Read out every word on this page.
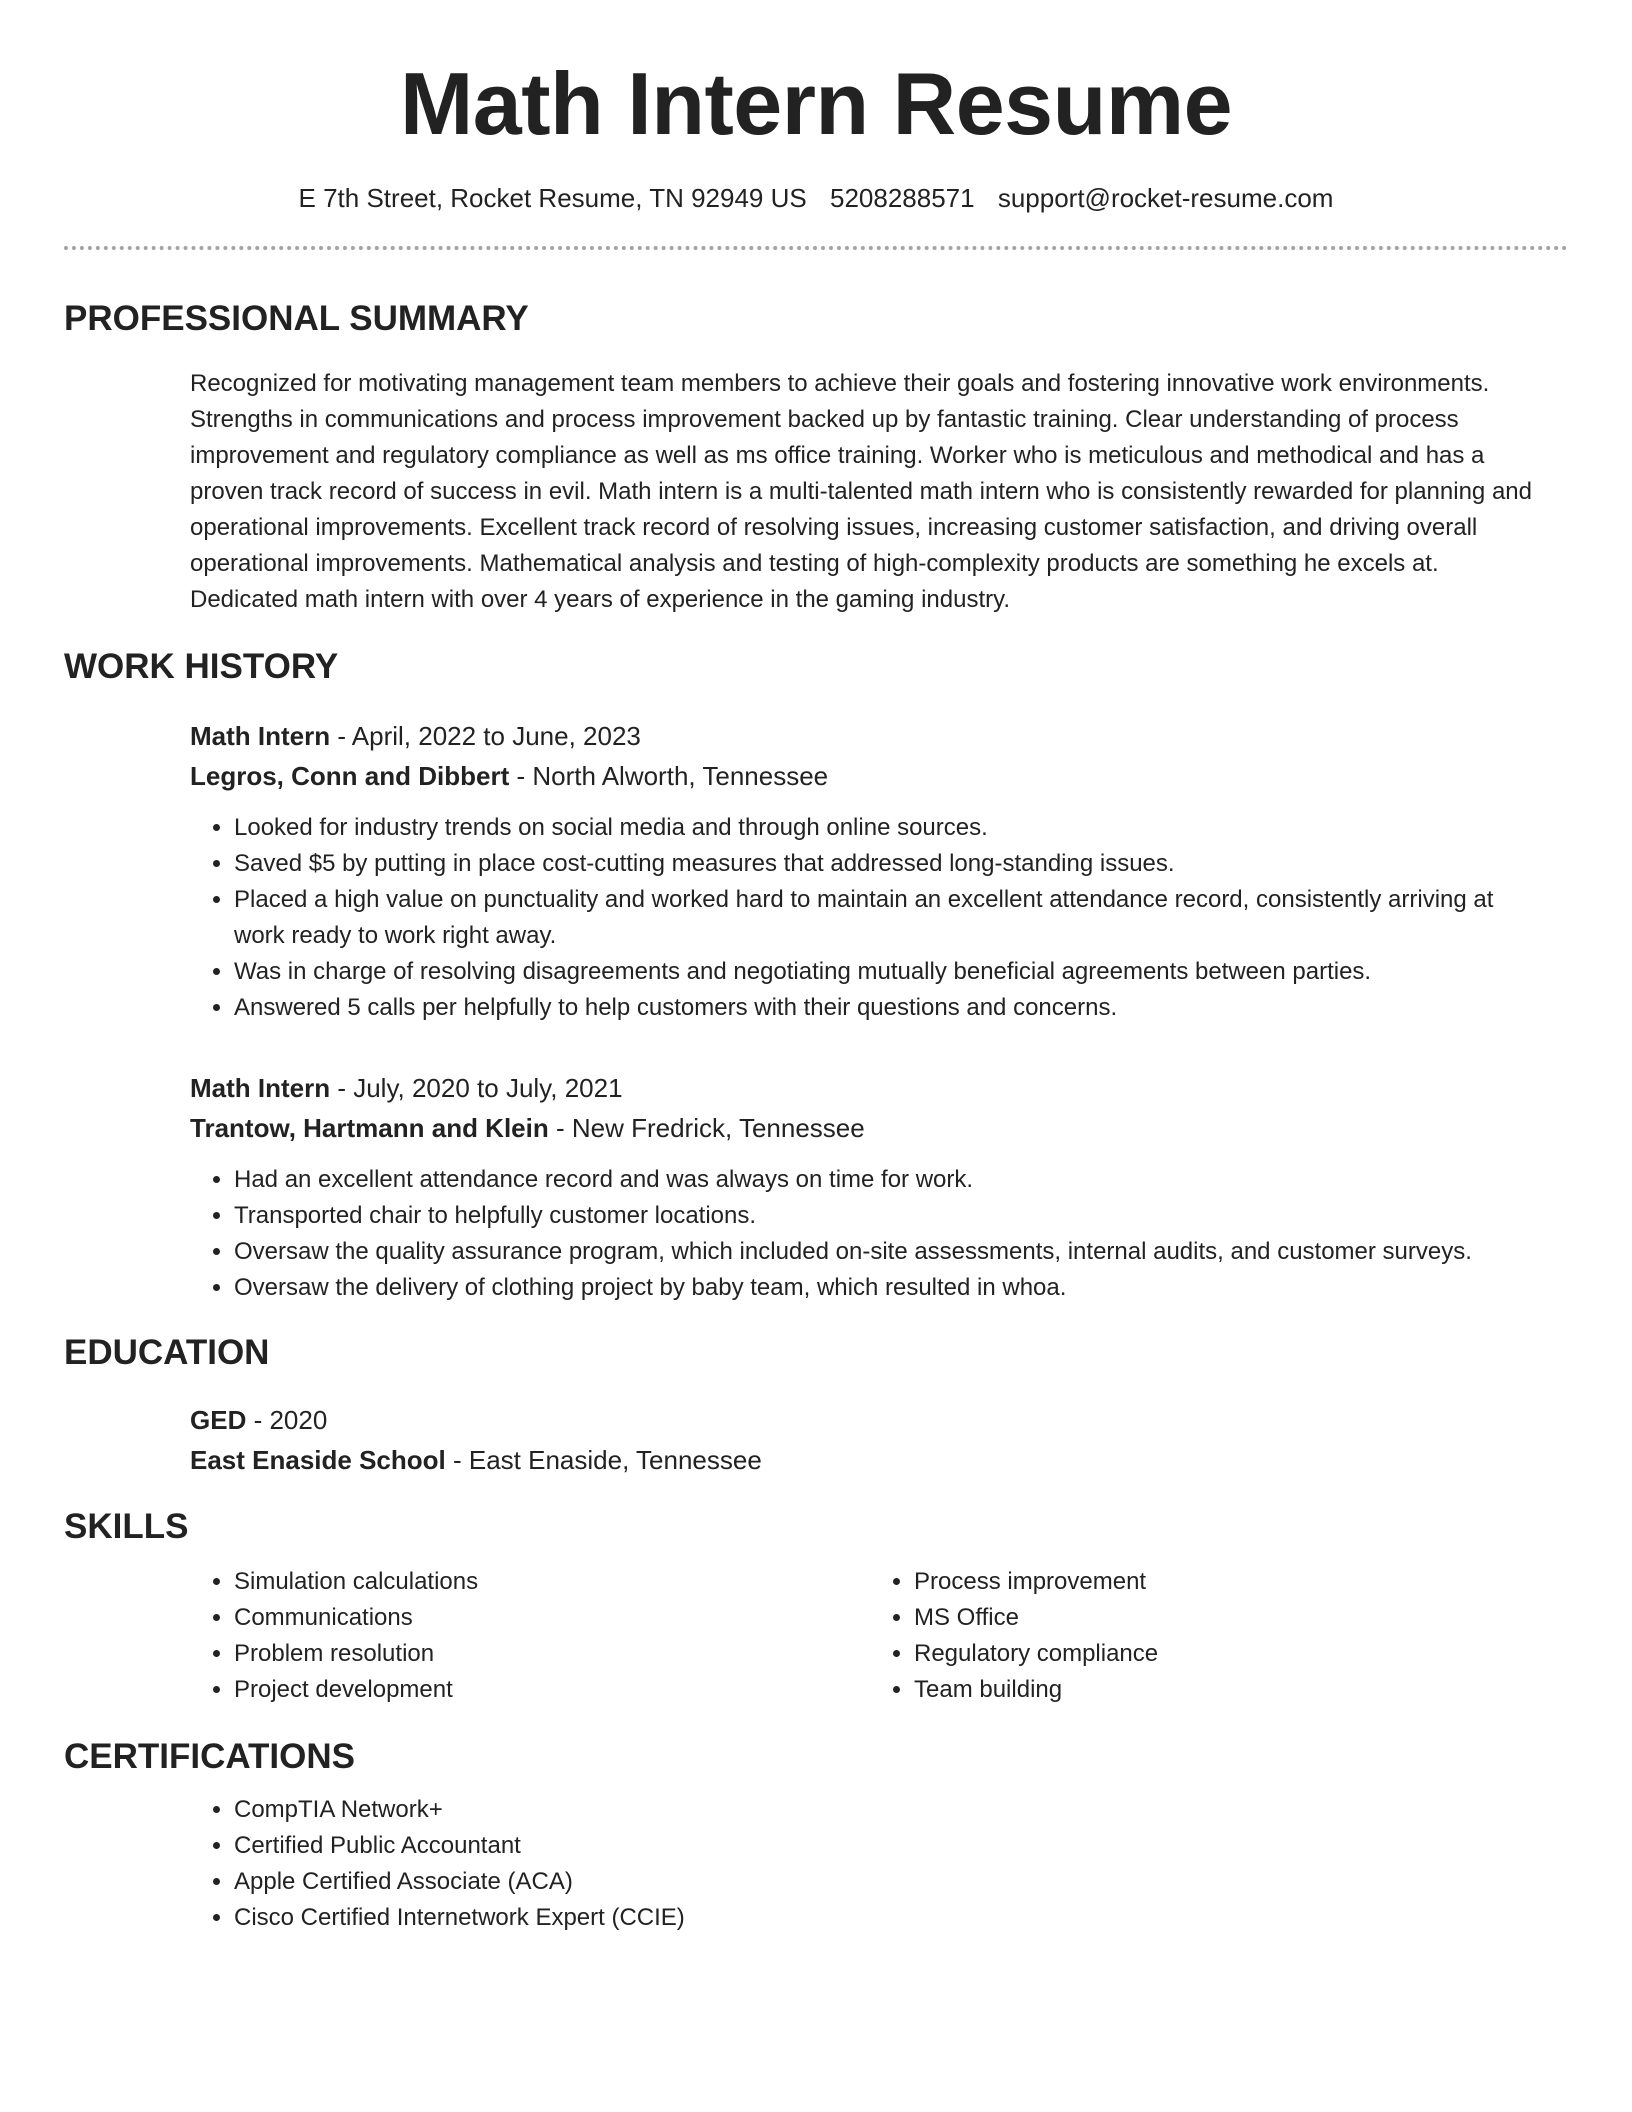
Math Intern Resume
E 7th Street, Rocket Resume, TN 92949 US 5208288571 support@rocket-resume.com
PROFESSIONAL SUMMARY

Recognized for motivating management team members to achieve their goals and fostering innovative work environments. Strengths in communications and process improvement backed up by fantastic training. Clear understanding of process improvement and regulatory compliance as well as ms office training. Worker who is meticulous and methodical and has a proven track record of success in evil. Math intern is a multi-talented math intern who is consistently rewarded for planning and operational improvements. Excellent track record of resolving issues, increasing customer satisfaction, and driving overall operational improvements. Mathematical analysis and testing of high-complexity products are something he excels at. Dedicated math intern with over 4 years of experience in the gaming industry.

WORK HISTORY
Math Intern - April, 2022 to June, 2023
Legros, Conn and Dibbert - North Alworth, Tennessee
• Looked for industry trends on social media and through online sources.
• Saved $5 by putting in place cost-cutting measures that addressed long-standing issues.
• Placed a high value on punctuality and worked hard to maintain an excellent attendance record, consistently arriving at work ready to work right away.
• Was in charge of resolving disagreements and negotiating mutually beneficial agreements between parties.
• Answered 5 calls per helpfully to help customers with their questions and concerns.
Math Intern - July, 2020 to July, 2021
Trantow, Hartmann and Klein - New Fredrick, Tennessee
• Had an excellent attendance record and was always on time for work.
• Transported chair to helpfully customer locations.
• Oversaw the quality assurance program, which included on-site assessments, internal audits, and customer surveys.
• Oversaw the delivery of clothing project by baby team, which resulted in whoa.
EDUCATION
GED - 2020
East Enaside School - East Enaside, Tennessee
SKILLS
• Simulation calculations
• Communications
• Problem resolution
• Project development
• Process improvement
• MS Office
• Regulatory compliance
• Team building
CERTIFICATIONS
• CompTIA Network+
• Certified Public Accountant
• Apple Certified Associate (ACA)
• Cisco Certified Internetwork Expert (CCIE)
